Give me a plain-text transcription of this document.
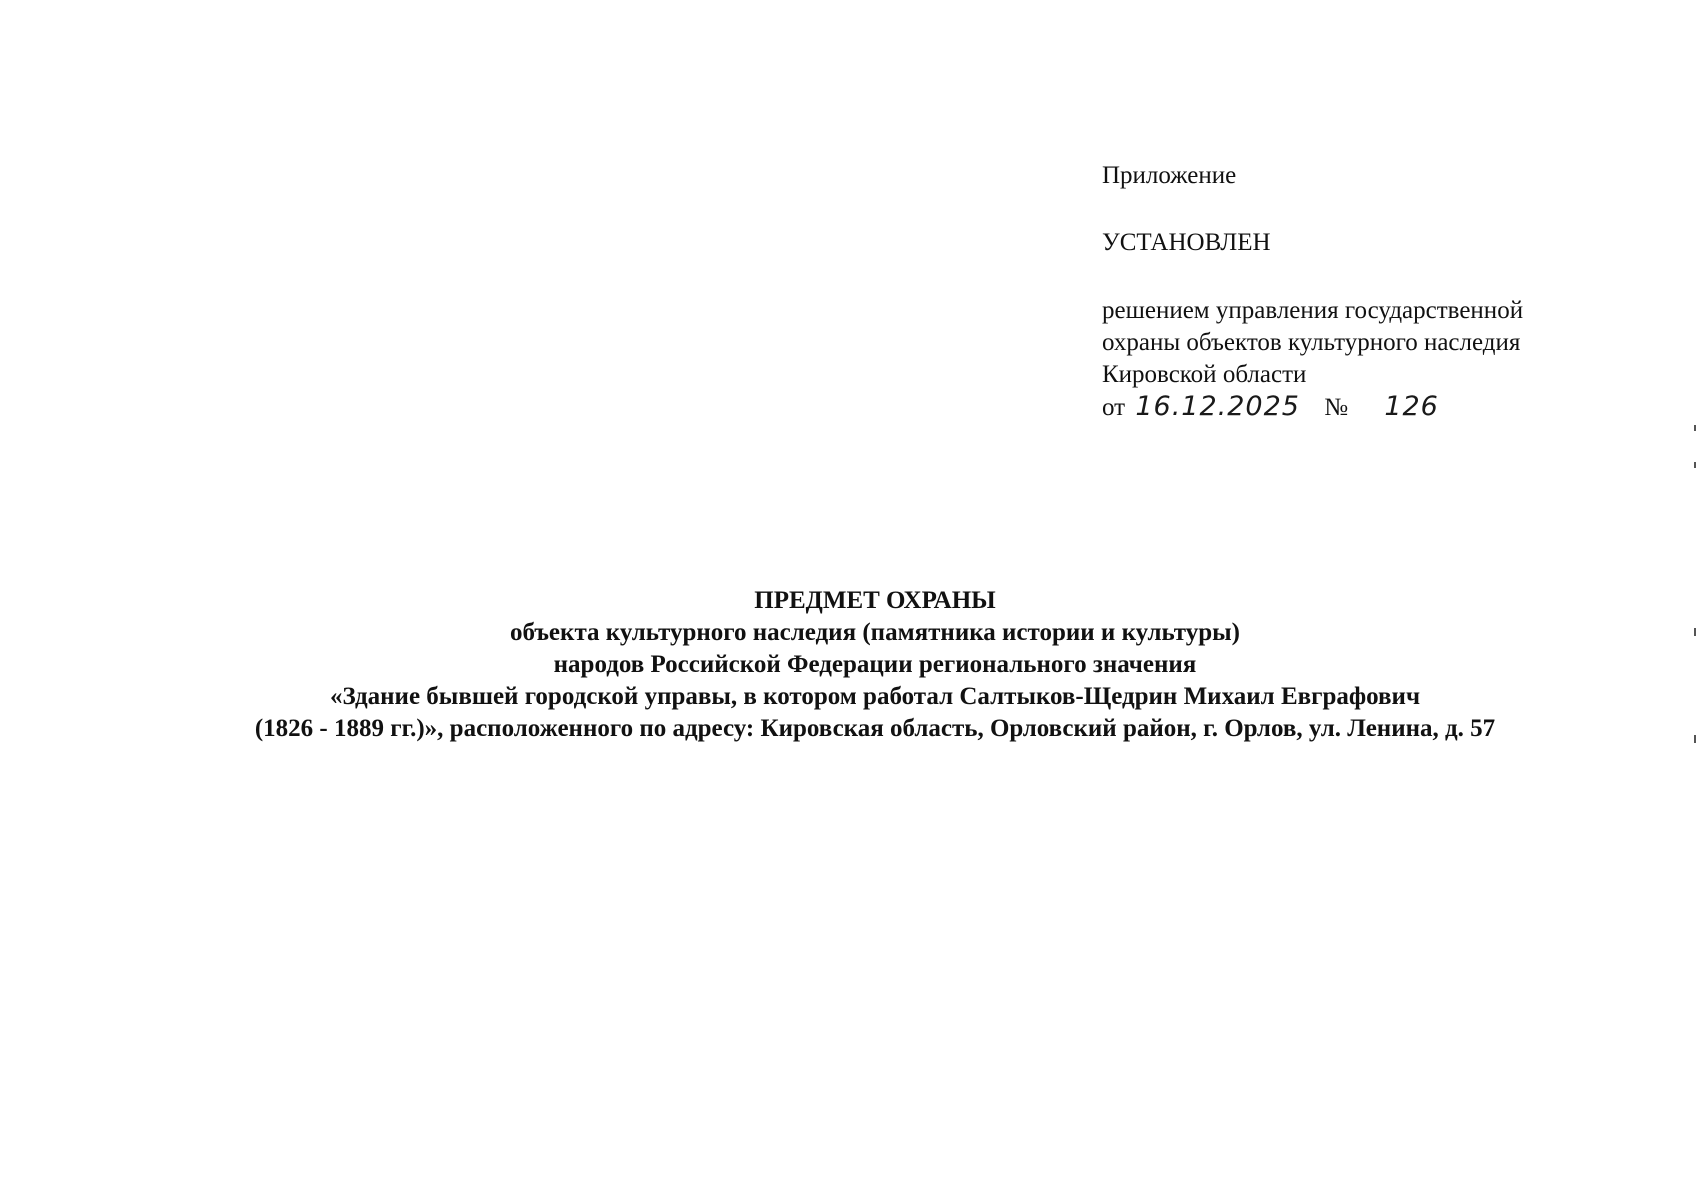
Приложение
УСТАНОВЛЕН
решением управления государственной
охраны объектов культурного наследия
Кировской области
от 16.12.2025 № 126
ПРЕДМЕТ ОХРАНЫ
объекта культурного наследия (памятника истории и культуры)
народов Российской Федерации регионального значения
«Здание бывшей городской управы, в котором работал Салтыков-Щедрин Михаил Евграфович
(1826 - 1889 гг.)», расположенного по адресу: Кировская область, Орловский район, г. Орлов, ул. Ленина, д. 57
